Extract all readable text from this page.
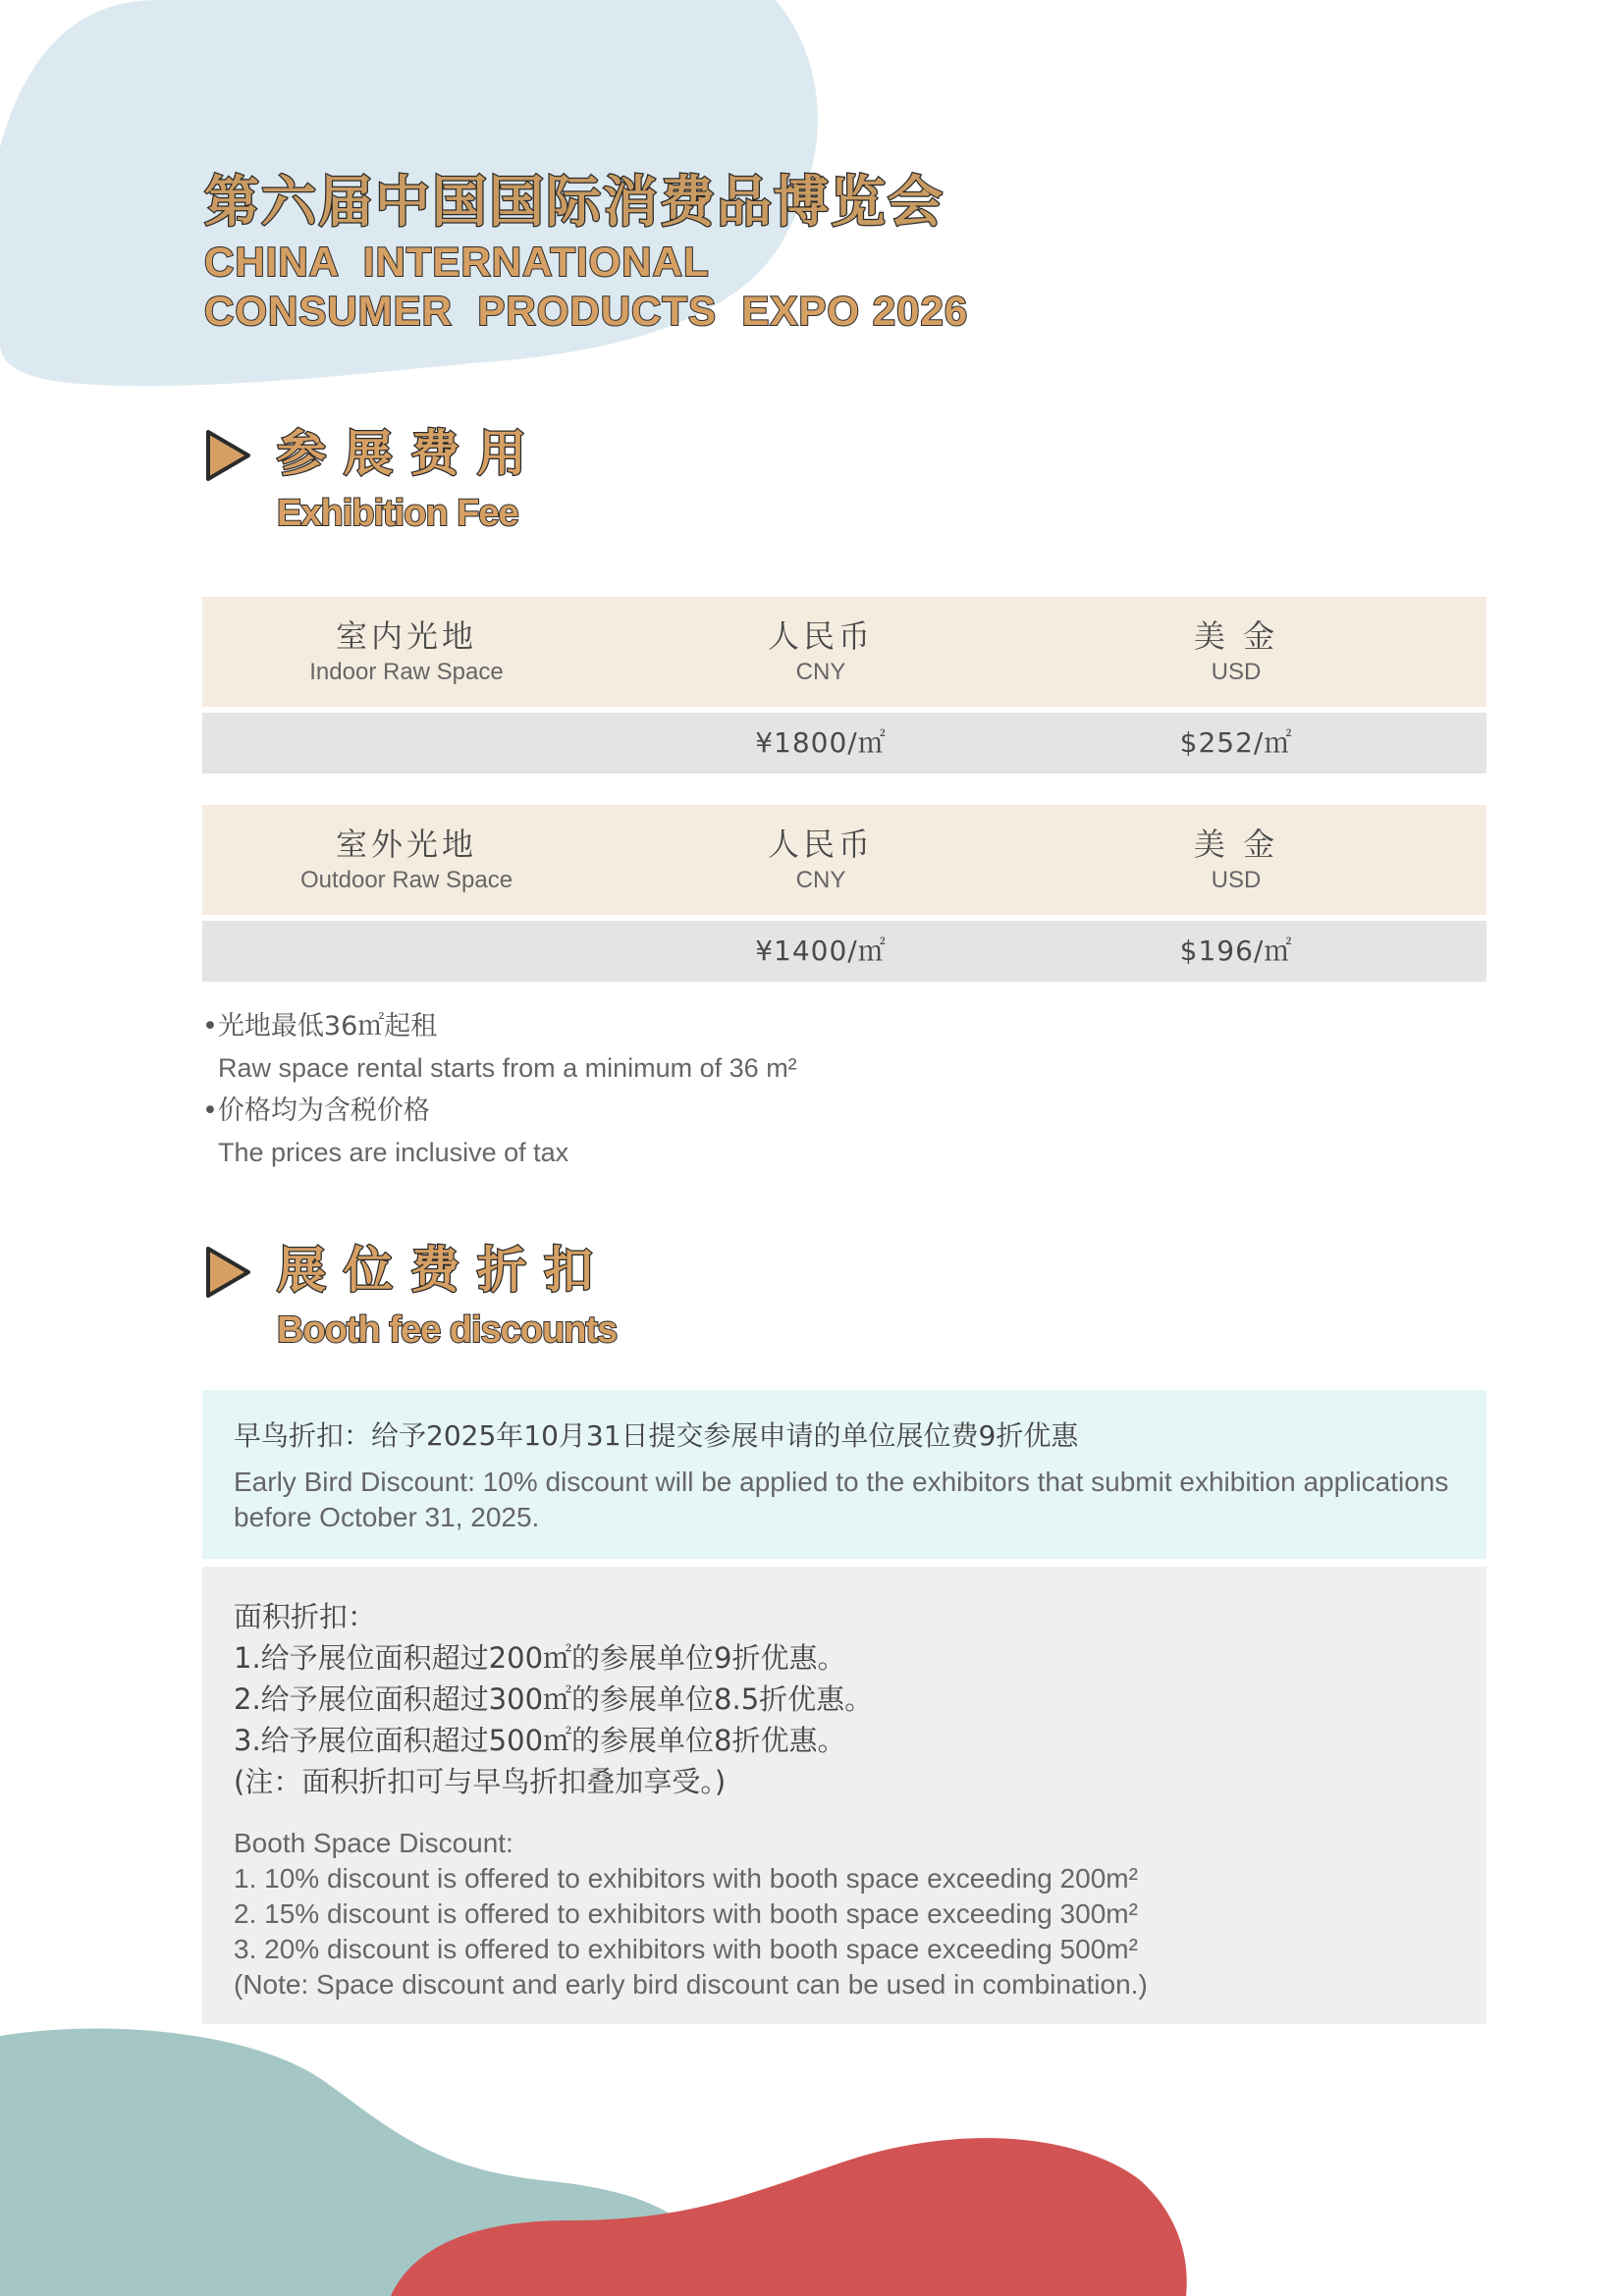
第六届中国国际消费品博览会

CHINA  INTERNATIONAL

CONSUMER  PRODUCTS  EXPO 2026

参展费用
Exhibition Fee
室内光地
Indoor Raw Space
人民币
CNY
美 金
USD
¥1800/㎡	$252/㎡
室外光地
Outdoor Raw Space
人民币
CNY
美 金
USD
¥1400/㎡	$196/㎡
•光地最低36㎡起租
Raw space rental starts from a minimum of 36 m²
•价格均为含税价格
The prices are inclusive of tax
展位费折扣
Booth fee discounts
早鸟折扣：给予2025年10月31日提交参展申请的单位展位费9折优惠
Early Bird Discount: 10% discount will be applied to the exhibitors that submit exhibition applications before October 31, 2025.
面积折扣：
1.给予展位面积超过200㎡的参展单位9折优惠。
2.给予展位面积超过300㎡的参展单位8.5折优惠。
3.给予展位面积超过500㎡的参展单位8折优惠。
(注：面积折扣可与早鸟折扣叠加享受。)
Booth Space Discount:
1. 10% discount is offered to exhibitors with booth space exceeding 200m²
2. 15% discount is offered to exhibitors with booth space exceeding 300m²
3. 20% discount is offered to exhibitors with booth space exceeding 500m²
(Note: Space discount and early bird discount can be used in combination.)
